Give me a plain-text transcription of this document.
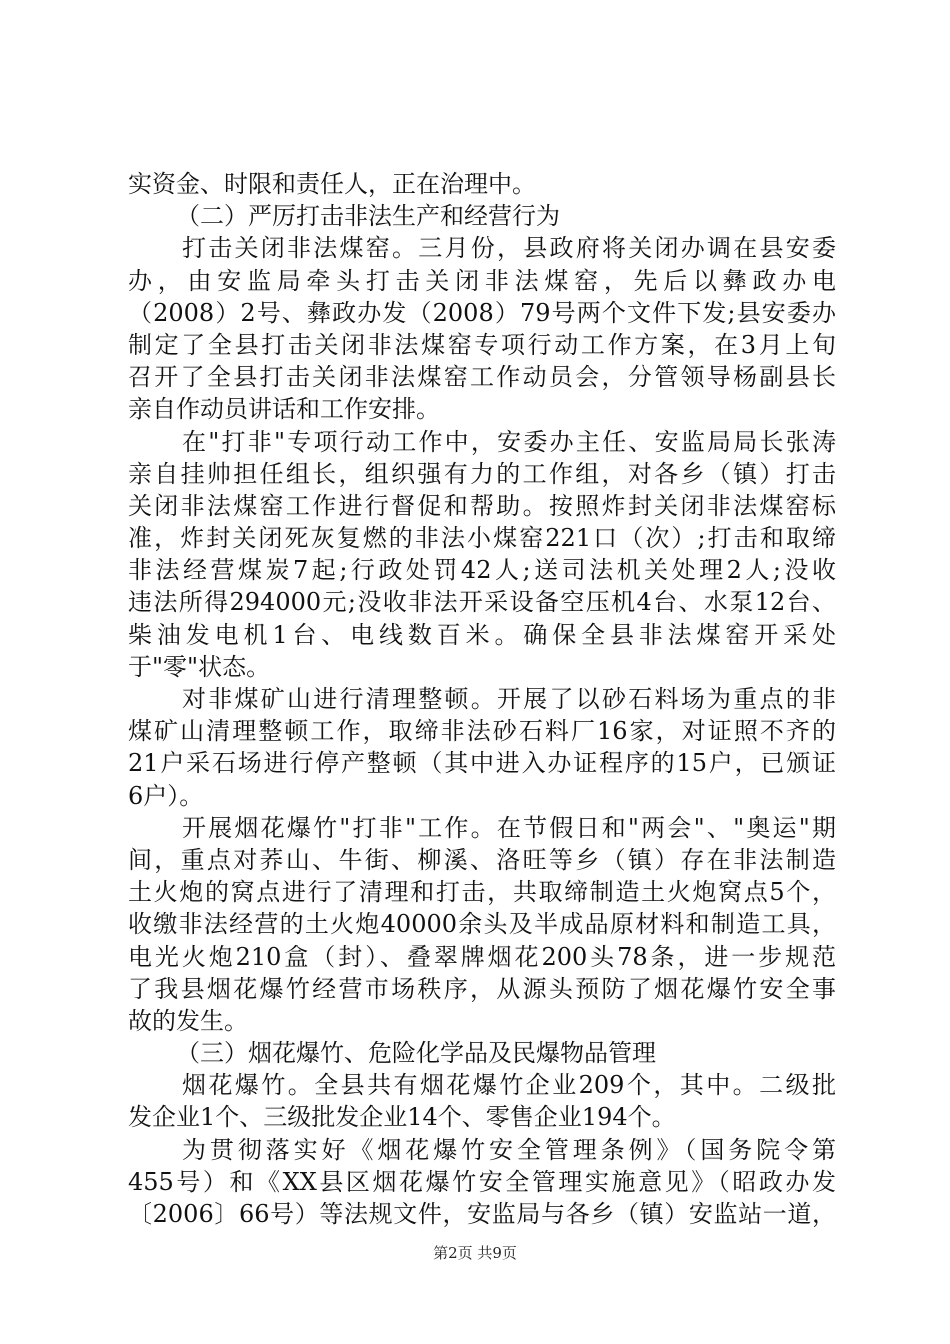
实资金、时限和责任人，正在治理中。
（二）严厉打击非法生产和经营行为
打击关闭非法煤窑。三月份，县政府将关闭办调在县安委
办，由安监局牵头打击关闭非法煤窑，先后以彝政办电
（2008）2号、彝政办发（2008）79号两个文件下发;县安委办
制定了全县打击关闭非法煤窑专项行动工作方案，在3月上旬
召开了全县打击关闭非法煤窑工作动员会，分管领导杨副县长
亲自作动员讲话和工作安排。
在"打非"专项行动工作中，安委办主任、安监局局长张涛
亲自挂帅担任组长，组织强有力的工作组，对各乡（镇）打击
关闭非法煤窑工作进行督促和帮助。按照炸封关闭非法煤窑标
准，炸封关闭死灰复燃的非法小煤窑221口（次）;打击和取缔
非法经营煤炭7起;行政处罚42人;送司法机关处理2人;没收
违法所得294000元;没收非法开采设备空压机4台、水泵12台、
柴油发电机1台、电线数百米。确保全县非法煤窑开采处
于"零"状态。
对非煤矿山进行清理整顿。开展了以砂石料场为重点的非
煤矿山清理整顿工作，取缔非法砂石料厂16家，对证照不齐的
21户采石场进行停产整顿（其中进入办证程序的15户，已颁证
6户）。
开展烟花爆竹"打非"工作。在节假日和"两会"、"奥运"期
间，重点对荞山、牛街、柳溪、洛旺等乡（镇）存在非法制造
土火炮的窝点进行了清理和打击，共取缔制造土火炮窝点5个，
收缴非法经营的土火炮40000余头及半成品原材料和制造工具，
电光火炮210盒（封）、叠翠牌烟花200头78条，进一步规范
了我县烟花爆竹经营市场秩序，从源头预防了烟花爆竹安全事
故的发生。
（三）烟花爆竹、危险化学品及民爆物品管理
烟花爆竹。全县共有烟花爆竹企业209个，其中。二级批
发企业1个、三级批发企业14个、零售企业194个。
为贯彻落实好《烟花爆竹安全管理条例》（国务院令第
455号）和《XX县区烟花爆竹安全管理实施意见》（昭政办发
〔2006〕66号）等法规文件，安监局与各乡（镇）安监站一道，
第2页 共9页
